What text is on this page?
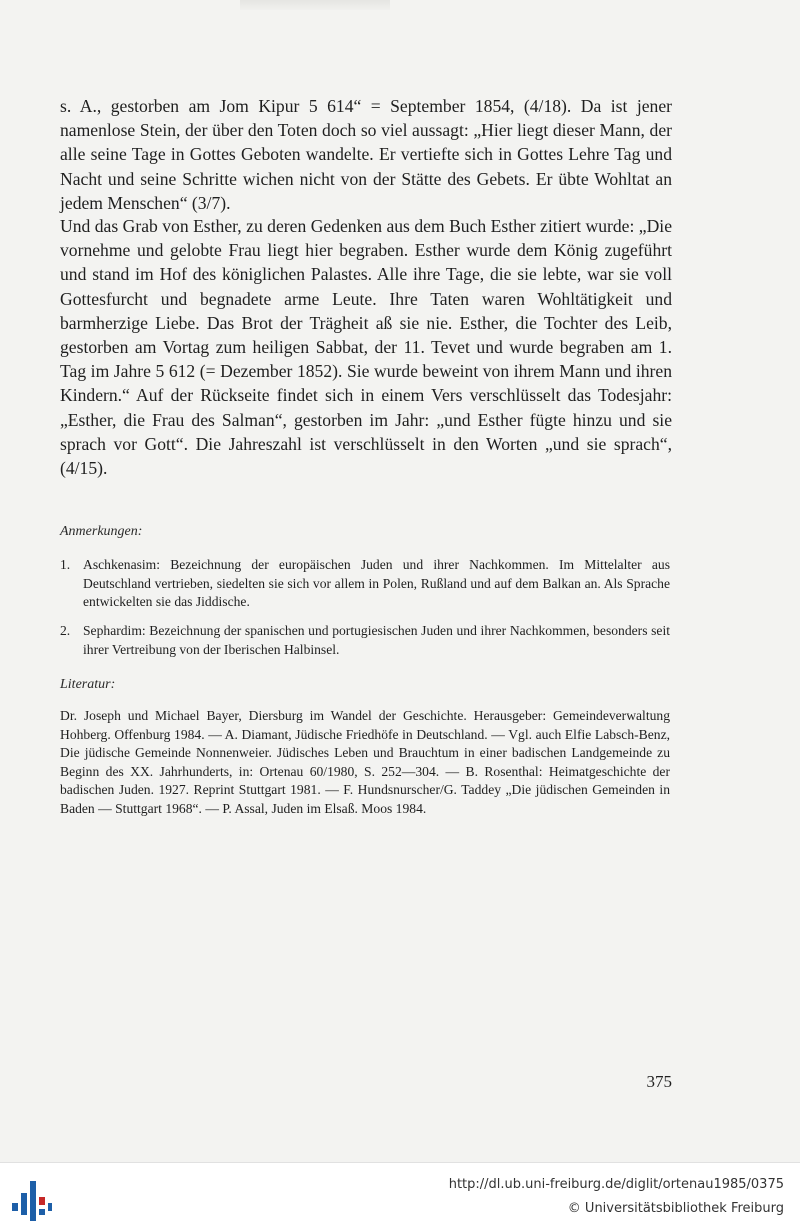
s. A., gestorben am Jom Kipur 5 614“ = September 1854, (4/18). Da ist jener namenlose Stein, der über den Toten doch so viel aussagt: „Hier liegt dieser Mann, der alle seine Tage in Gottes Geboten wandelte. Er vertiefte sich in Gottes Lehre Tag und Nacht und seine Schritte wichen nicht von der Stätte des Gebets. Er übte Wohltat an jedem Menschen“ (3/7).

Und das Grab von Esther, zu deren Gedenken aus dem Buch Esther zitiert wurde: „Die vornehme und gelobte Frau liegt hier begraben. Esther wurde dem König zugeführt und stand im Hof des königlichen Palastes. Alle ihre Tage, die sie lebte, war sie voll Gottesfurcht und begnadete arme Leute. Ihre Taten waren Wohltätigkeit und barmherzige Liebe. Das Brot der Trägheit aß sie nie. Esther, die Tochter des Leib, gestorben am Vortag zum heiligen Sabbat, der 11. Tevet und wurde begraben am 1. Tag im Jahre 5 612 (= Dezember 1852). Sie wurde beweint von ihrem Mann und ihren Kindern.“ Auf der Rückseite findet sich in einem Vers verschlüsselt das Todesjahr: „Esther, die Frau des Salman“, gestorben im Jahr: „und Esther fügte hinzu und sie sprach vor Gott“. Die Jahreszahl ist verschlüsselt in den Worten „und sie sprach“, (4/15).

Anmerkungen:

1. Aschkenasim: Bezeichnung der europäischen Juden und ihrer Nachkommen. Im Mittelalter aus Deutschland vertrieben, siedelten sie sich vor allem in Polen, Rußland und auf dem Balkan an. Als Sprache entwickelten sie das Jiddische.
2. Sephardim: Bezeichnung der spanischen und portugiesischen Juden und ihrer Nachkommen, besonders seit ihrer Vertreibung von der Iberischen Halbinsel.

Literatur:

Dr. Joseph und Michael Bayer, Diersburg im Wandel der Geschichte. Herausgeber: Gemeindeverwaltung Hohberg. Offenburg 1984. — A. Diamant, Jüdische Friedhöfe in Deutschland. — Vgl. auch Elfie Labsch-Benz, Die jüdische Gemeinde Nonnenweier. Jüdisches Leben und Brauchtum in einer badischen Landgemeinde zu Beginn des XX. Jahrhunderts, in: Ortenau 60/1980, S. 252—304. — B. Rosenthal: Heimatgeschichte der badischen Juden. 1927. Reprint Stuttgart 1981. — F. Hundsnurscher/G. Taddey „Die jüdischen Gemeinden in Baden — Stuttgart 1968“. — P. Assal, Juden im Elsaß. Moos 1984.

375

http://dl.ub.uni-freiburg.de/diglit/ortenau1985/0375

© Universitätsbibliothek Freiburg
